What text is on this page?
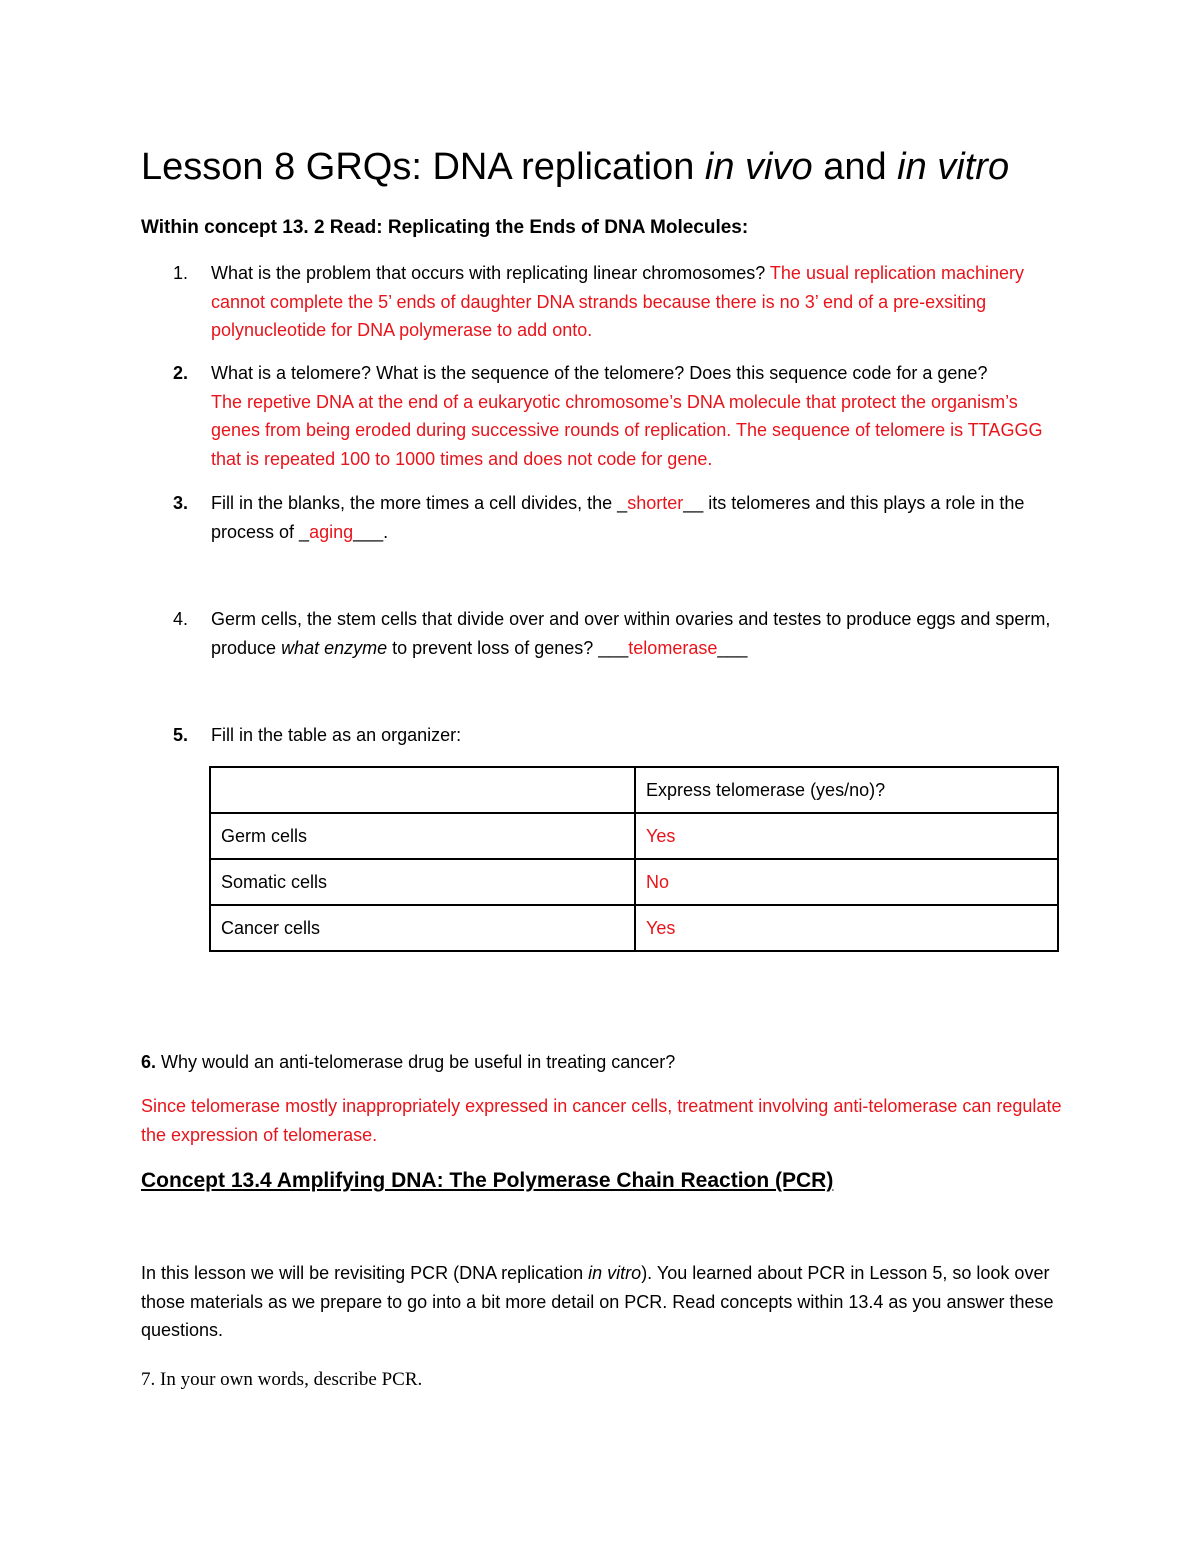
Lesson 8 GRQs: DNA replication in vivo and in vitro
Within concept 13. 2 Read: Replicating the Ends of DNA Molecules:
1. What is the problem that occurs with replicating linear chromosomes? The usual replication machinery cannot complete the 5’ ends of daughter DNA strands because there is no 3’ end of a pre-exsiting polynucleotide for DNA polymerase to add onto.
2. What is a telomere? What is the sequence of the telomere? Does this sequence code for a gene?
The repetive DNA at the end of a eukaryotic chromosome’s DNA molecule that protect the organism’s genes from being eroded during successive rounds of replication. The sequence of telomere is TTAGGG that is repeated 100 to 1000 times and does not code for gene.
3. Fill in the blanks, the more times a cell divides, the _shorter__ its telomeres and this plays a role in the process of _aging___.
4. Germ cells, the stem cells that divide over and over within ovaries and testes to produce eggs and sperm, produce what enzyme to prevent loss of genes? ___telomerase___
5. Fill in the table as an organizer:
	Express telomerase (yes/no)?
Germ cells	Yes
Somatic cells	No
Cancer cells	Yes
6. Why would an anti-telomerase drug be useful in treating cancer?
Since telomerase mostly inappropriately expressed in cancer cells, treatment involving anti-telomerase can regulate the expression of telomerase.
Concept 13.4 Amplifying DNA: The Polymerase Chain Reaction (PCR)
In this lesson we will be revisiting PCR (DNA replication in vitro). You learned about PCR in Lesson 5, so look over those materials as we prepare to go into a bit more detail on PCR. Read concepts within 13.4 as you answer these questions.
7. In your own words, describe PCR.
